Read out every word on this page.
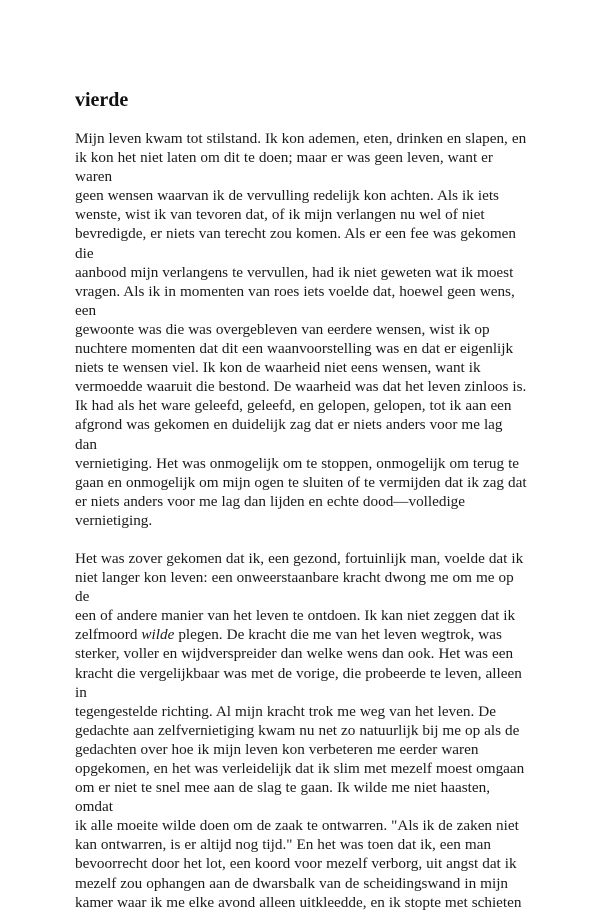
vierde

Mijn leven kwam tot stilstand. Ik kon ademen, eten, drinken en slapen, en
ik kon het niet laten om dit te doen; maar er was geen leven, want er waren
geen wensen waarvan ik de vervulling redelijk kon achten. Als ik iets
wenste, wist ik van tevoren dat, of ik mijn verlangen nu wel of niet
bevredigde, er niets van terecht zou komen. Als er een fee was gekomen die
aanbood mijn verlangens te vervullen, had ik niet geweten wat ik moest
vragen. Als ik in momenten van roes iets voelde dat, hoewel geen wens, een
gewoonte was die was overgebleven van eerdere wensen, wist ik op
nuchtere momenten dat dit een waanvoorstelling was en dat er eigenlijk
niets te wensen viel. Ik kon de waarheid niet eens wensen, want ik
vermoedde waaruit die bestond. De waarheid was dat het leven zinloos is.
Ik had als het ware geleefd, geleefd, en gelopen, gelopen, tot ik aan een
afgrond was gekomen en duidelijk zag dat er niets anders voor me lag dan
vernietiging. Het was onmogelijk om te stoppen, onmogelijk om terug te
gaan en onmogelijk om mijn ogen te sluiten of te vermijden dat ik zag dat
er niets anders voor me lag dan lijden en echte dood—volledige
vernietiging.

Het was zover gekomen dat ik, een gezond, fortuinlijk man, voelde dat ik
niet langer kon leven: een onweerstaanbare kracht dwong me om me op de
een of andere manier van het leven te ontdoen. Ik kan niet zeggen dat ik
zelfmoord wilde plegen. De kracht die me van het leven wegtrok, was
sterker, voller en wijdverspreider dan welke wens dan ook. Het was een
kracht die vergelijkbaar was met de vorige, die probeerde te leven, alleen in
tegengestelde richting. Al mijn kracht trok me weg van het leven. De
gedachte aan zelfvernietiging kwam nu net zo natuurlijk bij me op als de
gedachten over hoe ik mijn leven kon verbeteren me eerder waren
opgekomen, en het was verleidelijk dat ik slim met mezelf moest omgaan
om er niet te snel mee aan de slag te gaan. Ik wilde me niet haasten, omdat
ik alle moeite wilde doen om de zaak te ontwarren. "Als ik de zaken niet
kan ontwarren, is er altijd nog tijd." En het was toen dat ik, een man
bevoorrecht door het lot, een koord voor mezelf verborg, uit angst dat ik
mezelf zou ophangen aan de dwarsbalk van de scheidingswand in mijn
kamer waar ik me elke avond alleen uitkleedde, en ik stopte met schieten
